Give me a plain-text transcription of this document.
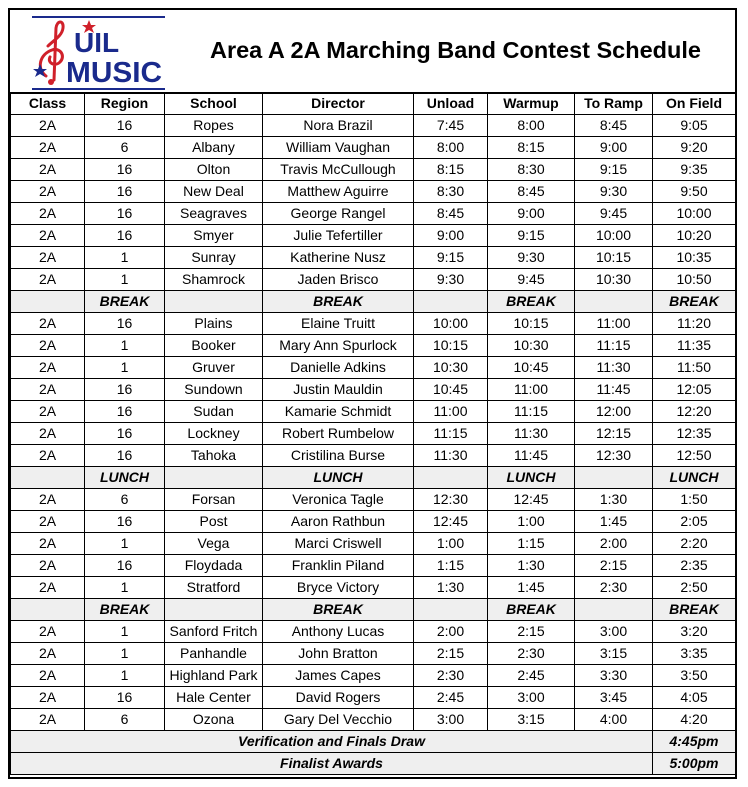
UIL
MUSIC
Area A 2A Marching Band Contest Schedule
Class	Region	School	Director	Unload	Warmup	To Ramp	On Field
2A	16	Ropes	Nora Brazil	7:45	8:00	8:45	9:05
2A	6	Albany	William Vaughan	8:00	8:15	9:00	9:20
2A	16	Olton	Travis McCullough	8:15	8:30	9:15	9:35
2A	16	New Deal	Matthew Aguirre	8:30	8:45	9:30	9:50
2A	16	Seagraves	George Rangel	8:45	9:00	9:45	10:00
2A	16	Smyer	Julie Tefertiller	9:00	9:15	10:00	10:20
2A	1	Sunray	Katherine Nusz	9:15	9:30	10:15	10:35
2A	1	Shamrock	Jaden Brisco	9:30	9:45	10:30	10:50
	BREAK		BREAK		BREAK		BREAK
2A	16	Plains	Elaine Truitt	10:00	10:15	11:00	11:20
2A	1	Booker	Mary Ann Spurlock	10:15	10:30	11:15	11:35
2A	1	Gruver	Danielle Adkins	10:30	10:45	11:30	11:50
2A	16	Sundown	Justin Mauldin	10:45	11:00	11:45	12:05
2A	16	Sudan	Kamarie Schmidt	11:00	11:15	12:00	12:20
2A	16	Lockney	Robert Rumbelow	11:15	11:30	12:15	12:35
2A	16	Tahoka	Cristilina Burse	11:30	11:45	12:30	12:50
	LUNCH		LUNCH		LUNCH		LUNCH
2A	6	Forsan	Veronica Tagle	12:30	12:45	1:30	1:50
2A	16	Post	Aaron Rathbun	12:45	1:00	1:45	2:05
2A	1	Vega	Marci Criswell	1:00	1:15	2:00	2:20
2A	16	Floydada	Franklin Piland	1:15	1:30	2:15	2:35
2A	1	Stratford	Bryce Victory	1:30	1:45	2:30	2:50
	BREAK		BREAK		BREAK		BREAK
2A	1	Sanford Fritch	Anthony Lucas	2:00	2:15	3:00	3:20
2A	1	Panhandle	John Bratton	2:15	2:30	3:15	3:35
2A	1	Highland Park	James Capes	2:30	2:45	3:30	3:50
2A	16	Hale Center	David Rogers	2:45	3:00	3:45	4:05
2A	6	Ozona	Gary Del Vecchio	3:00	3:15	4:00	4:20
Verification and Finals Draw							4:45pm
Finalist Awards							5:00pm
